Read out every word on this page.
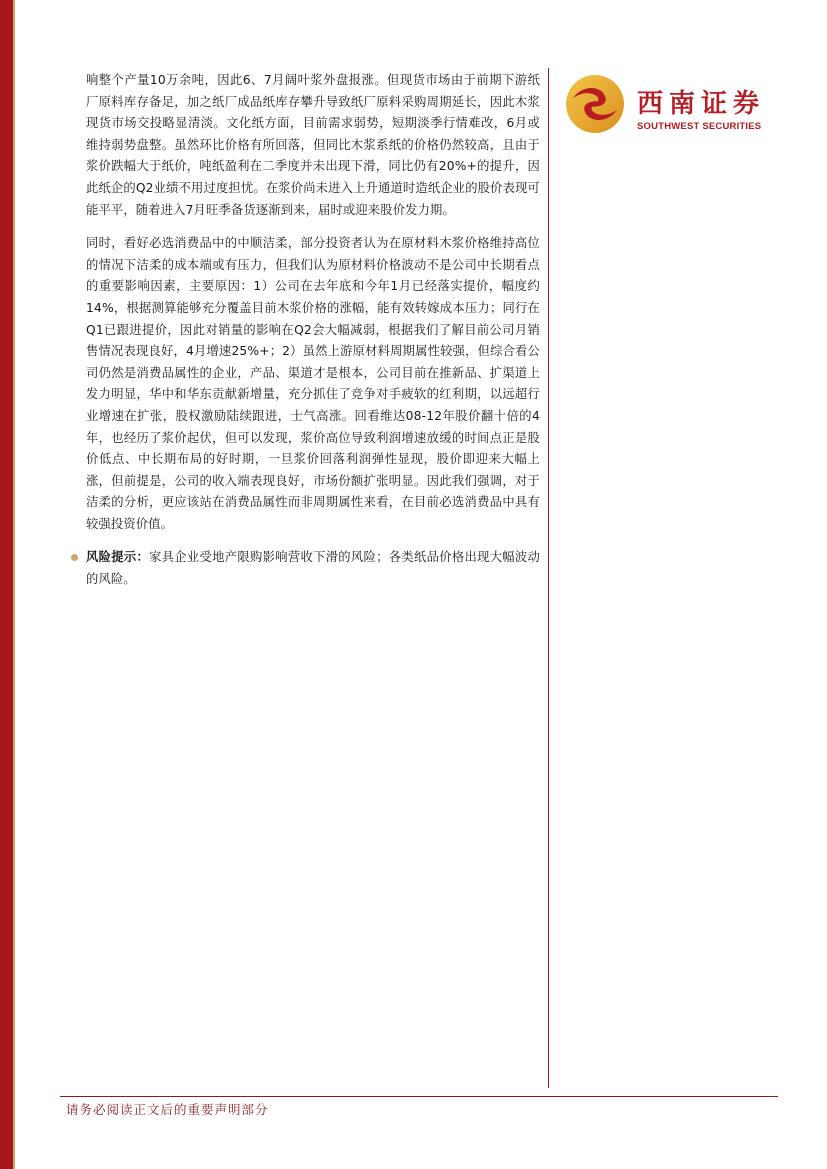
响整个产量10万余吨，因此6、7月阔叶浆外盘报涨。但现货市场由于前期下游纸厂原料库存备足，加之纸厂成品纸库存攀升导致纸厂原料采购周期延长，因此木浆现货市场交投略显清淡。文化纸方面，目前需求弱势，短期淡季行情难改，6月或维持弱势盘整。虽然环比价格有所回落，但同比木浆系纸的价格仍然较高，且由于浆价跌幅大于纸价，吨纸盈利在二季度并未出现下滑，同比仍有20%+的提升，因此纸企的Q2业绩不用过度担忧。在浆价尚未进入上升通道时造纸企业的股价表现可能平平，随着进入7月旺季备货逐渐到来，届时或迎来股价发力期。

同时，看好必选消费品中的中顺洁柔，部分投资者认为在原材料木浆价格维持高位的情况下洁柔的成本端或有压力，但我们认为原材料价格波动不是公司中长期看点的重要影响因素，主要原因：1）公司在去年底和今年1月已经落实提价，幅度约14%，根据测算能够充分覆盖目前木浆价格的涨幅，能有效转嫁成本压力；同行在Q1已跟进提价，因此对销量的影响在Q2会大幅减弱，根据我们了解目前公司月销售情况表现良好，4月增速25%+；2）虽然上游原材料周期属性较强，但综合看公司仍然是消费品属性的企业，产品、渠道才是根本，公司目前在推新品、扩渠道上发力明显，华中和华东贡献新增量，充分抓住了竞争对手疲软的红利期，以远超行业增速在扩张，股权激励陆续跟进，士气高涨。回看维达08-12年股价翻十倍的4年，也经历了浆价起伏，但可以发现，浆价高位导致利润增速放缓的时间点正是股价低点、中长期布局的好时期，一旦浆价回落利润弹性显现，股价即迎来大幅上涨，但前提是，公司的收入端表现良好，市场份额扩张明显。因此我们强调，对于洁柔的分析，更应该站在消费品属性而非周期属性来看，在目前必选消费品中具有较强投资价值。

风险提示：家具企业受地产限购影响营收下滑的风险；各类纸品价格出现大幅波动的风险。

西南证券
SOUTHWEST SECURITIES
请务必阅读正文后的重要声明部分
